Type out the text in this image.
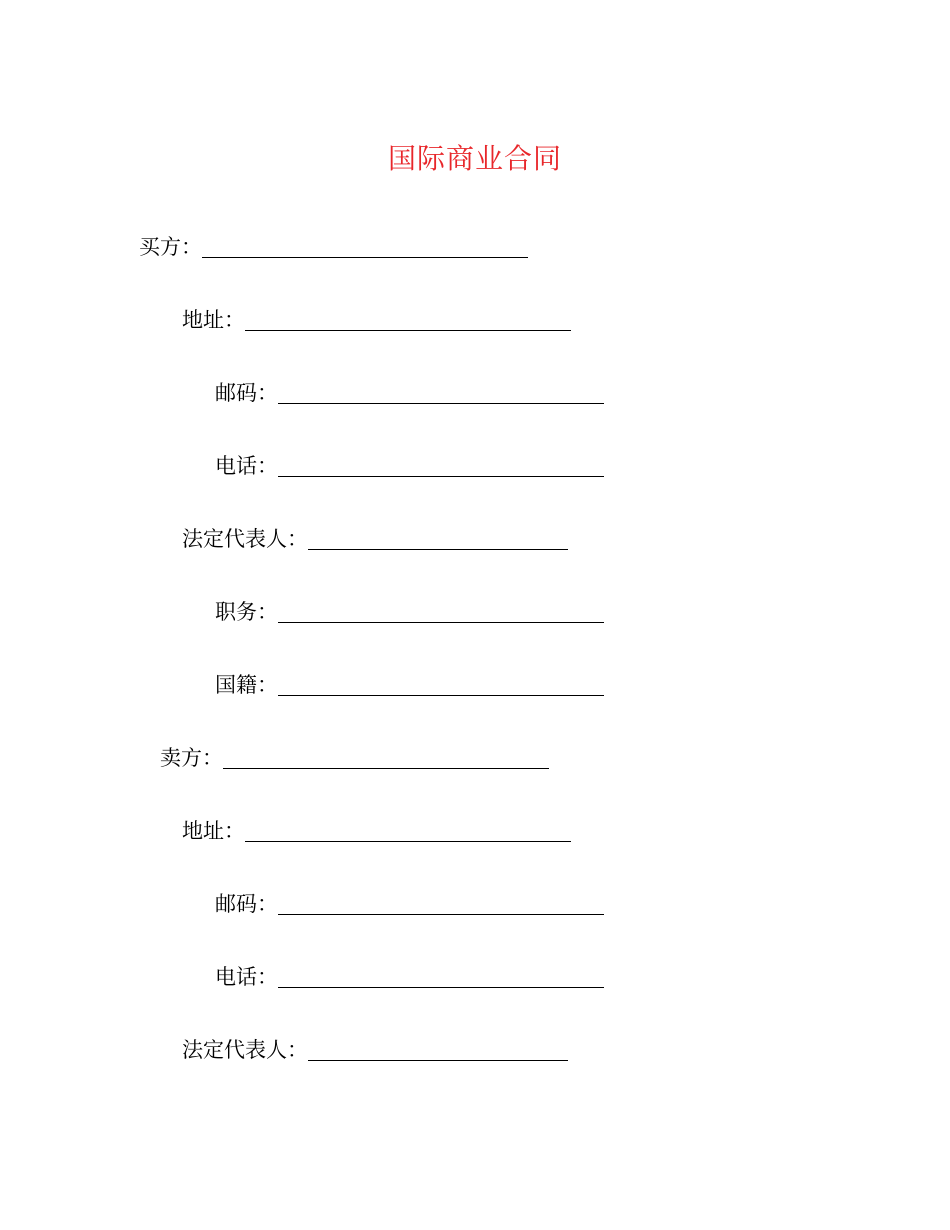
国际商业合同
买方：
地址：
邮码：
电话：
法定代表人：
职务：
国籍：
卖方：
地址：
邮码：
电话：
法定代表人：
